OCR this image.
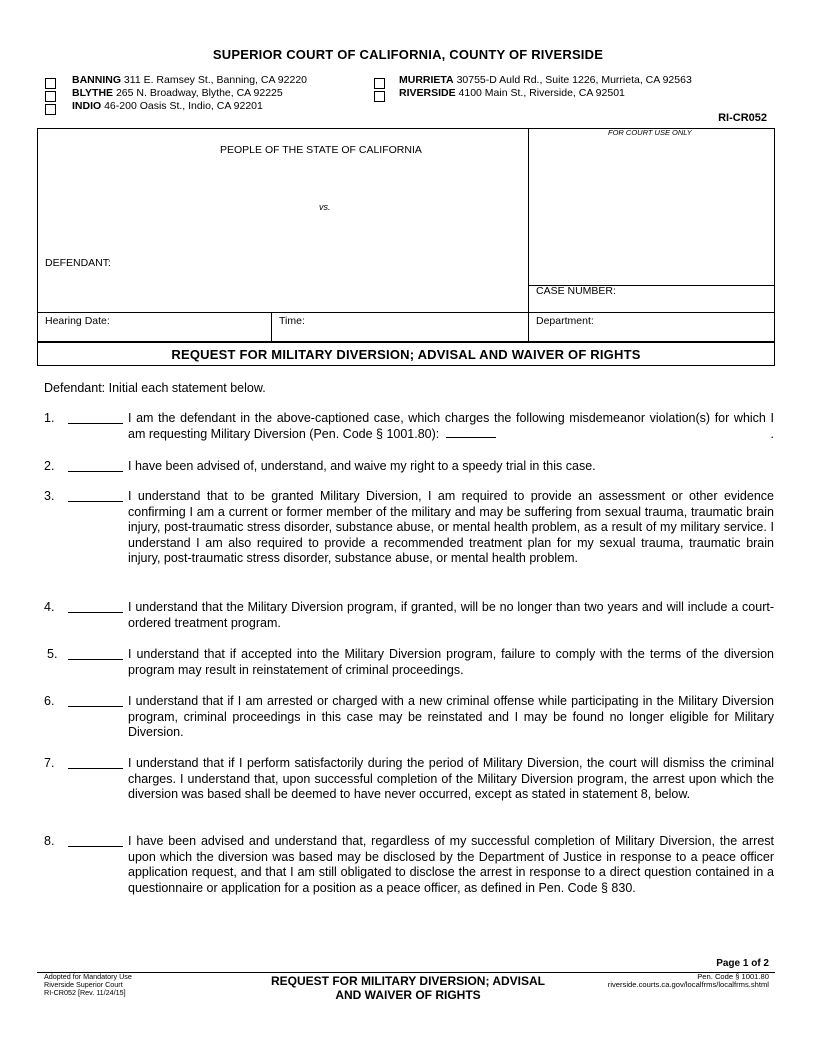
SUPERIOR COURT OF CALIFORNIA, COUNTY OF RIVERSIDE
BANNING 311 E. Ramsey St., Banning, CA 92220
BLYTHE 265 N. Broadway, Blythe, CA 92225
INDIO 46-200 Oasis St., Indio, CA 92201
MURRIETA 30755-D Auld Rd., Suite 1226, Murrieta, CA 92563
RIVERSIDE 4100 Main St., Riverside, CA 92501
RI-CR052
FOR COURT USE ONLY
PEOPLE OF THE STATE OF CALIFORNIA
vs.
DEFENDANT:
CASE NUMBER:
Hearing Date:	Time:	Department:
REQUEST FOR MILITARY DIVERSION; ADVISAL AND WAIVER OF RIGHTS
Defendant: Initial each statement below.
1.	I am the defendant in the above-captioned case, which charges the following misdemeanor violation(s) for which I am requesting Military Diversion (Pen. Code § 1001.80):	.
2.	I have been advised of, understand, and waive my right to a speedy trial in this case.
3.	I understand that to be granted Military Diversion, I am required to provide an assessment or other evidence confirming I am a current or former member of the military and may be suffering from sexual trauma, traumatic brain injury, post-traumatic stress disorder, substance abuse, or mental health problem, as a result of my military service. I understand I am also required to provide a recommended treatment plan for my sexual trauma, traumatic brain injury, post-traumatic stress disorder, substance abuse, or mental health problem.
4.	I understand that the Military Diversion program, if granted, will be no longer than two years and will include a court-ordered treatment program.
5.	I understand that if accepted into the Military Diversion program, failure to comply with the terms of the diversion program may result in reinstatement of criminal proceedings.
6.	I understand that if I am arrested or charged with a new criminal offense while participating in the Military Diversion program, criminal proceedings in this case may be reinstated and I may be found no longer eligible for Military Diversion.
7.	I understand that if I perform satisfactorily during the period of Military Diversion, the court will dismiss the criminal charges. I understand that, upon successful completion of the Military Diversion program, the arrest upon which the diversion was based shall be deemed to have never occurred, except as stated in statement 8, below.
8.	I have been advised and understand that, regardless of my successful completion of Military Diversion, the arrest upon which the diversion was based may be disclosed by the Department of Justice in response to a peace officer application request, and that I am still obligated to disclose the arrest in response to a direct question contained in a questionnaire or application for a position as a peace officer, as defined in Pen. Code § 830.
Page 1 of 2
Adopted for Mandatory Use
Riverside Superior Court
RI-CR052 [Rev. 11/24/15]
REQUEST FOR MILITARY DIVERSION; ADVISAL
AND WAIVER OF RIGHTS
Pen. Code § 1001.80
riverside.courts.ca.gov/localfrms/localfrms.shtml
